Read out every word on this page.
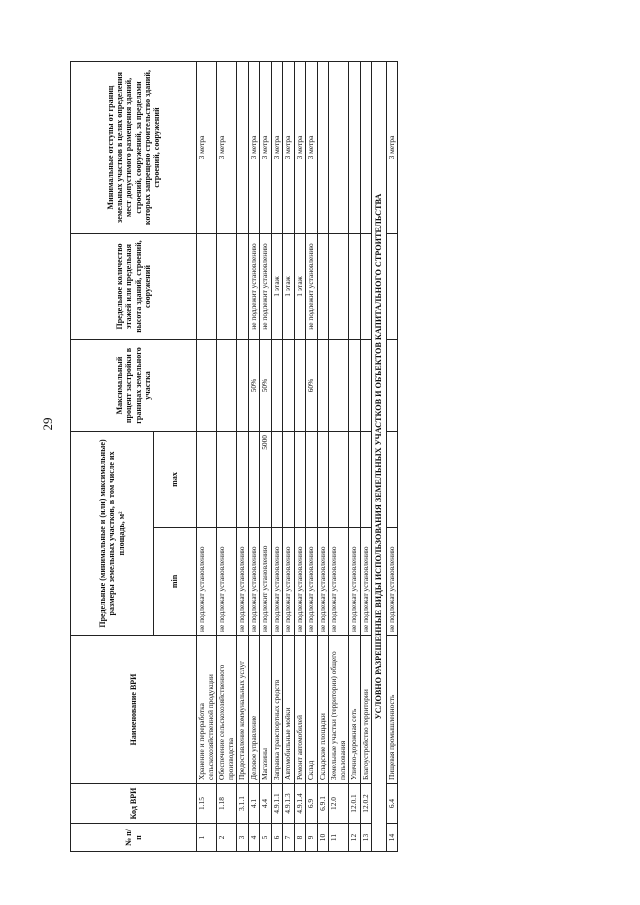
29
№ п/п	Код ВРИ	Наименование ВРИ	Предельные (минимальные и (или) максимальные) размеры земельных участков, в том числе их площадь, м²		Максимальный процент застройки в границах земельного участка	Предельное количество этажей или предельная высота зданий, строений, сооружений	Минимальные отступы от границ земельных участков в целях определения мест допустимого размещения зданий, строений, сооружений, за пределами которых запрещено строительство зданий, строений, сооружений
			min	max			
1	1.15	Хранение и переработка сельскохозяйственной продукции	не подлежат установлению				3 метра
2	1.18	Обеспечение сельскохозяйственного производства	не подлежат установлению				3 метра
3	3.1.1	Предоставление коммунальных услуг	не подлежат установлению				
4	4.1	Деловое управление	не подлежат установлению		50%	не подлежит установлению	3 метра
5	4.4	Магазины	не подлежит установлению	5000	50%	не подлежит установлению	3 метра
6	4.9.1.1	Заправка транспортных средств	не подлежат установлению			1 этаж	3 метра
7	4.9.1.3	Автомобильные мойки	не подлежат установлению			1 этаж	3 метра
8	4.9.1.4	Ремонт автомобилей	не подлежат установлению			1 этаж	3 метра
9	6.9	Склад	не подлежат установлению		60%	не подлежит установлению	3 метра
10	6.9.1	Складские площадки	не подлежат установлению				
11	12.0	Земельные участки (территории) общего пользования	не подлежат установлению				
12	12.0.1	Улично-дорожная сеть	не подлежат установлению				
13	12.0.2	Благоустройство территории	не подлежат установлению				
УСЛОВНО РАЗРЕШЕННЫЕ ВИДЫ ИСПОЛЬЗОВАНИЯ ЗЕМЕЛЬНЫХ УЧАСТКОВ И ОБЪЕКТОВ КАПИТАЛЬНОГО СТРОИТЕЛЬСТВА							
14	6.4	Пищевая промышленность	не подлежат установлению				3 метра
